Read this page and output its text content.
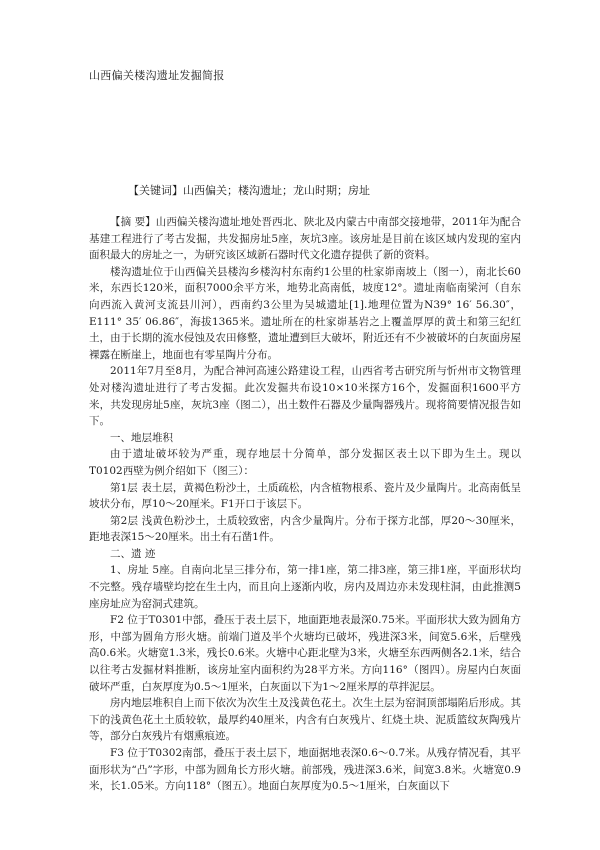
山西偏关楼沟遗址发掘简报
【关键词】山西偏关；楼沟遗址；龙山时期；房址

【摘 要】山西偏关楼沟遗址地处晋西北、陕北及内蒙古中南部交接地带，2011年为配合基建工程进行了考古发掘，共发掘房址5座，灰坑3座。该房址是目前在该区域内发现的室内面积最大的房址之一，为研究该区域新石器时代文化遗存提供了新的资料。

楼沟遗址位于山西偏关县楼沟乡楼沟村东南约1公里的杜家峁南坡上（图一），南北长60米，东西长120米，面积7000余平方米，地势北高南低，坡度12°。遗址南临南梁河（自东向西流入黄河支流县川河），西南约3公里为吴城遗址[1].地理位置为N39° 16′ 56.30″，E111° 35′ 06.86″，海拔1365米。遗址所在的杜家峁基岩之上覆盖厚厚的黄土和第三纪红土，由于长期的流水侵蚀及农田修整，遗址遭到巨大破坏，附近还有不少被破坏的白灰面房屋裸露在断崖上，地面也有零星陶片分布。

2011年7月至8月，为配合神河高速公路建设工程，山西省考古研究所与忻州市文物管理处对楼沟遗址进行了考古发掘。此次发掘共布设10×10米探方16个，发掘面积1600平方米，共发现房址5座，灰坑3座（图二），出土数件石器及少量陶器残片。现将简要情况报告如下。

一、地层堆积

由于遗址破坏较为严重，现存地层十分简单，部分发掘区表土以下即为生土。现以T0102西壁为例介绍如下（图三）：

第1层 表土层，黄褐色粉沙土，土质疏松，内含植物根系、瓷片及少量陶片。北高南低呈坡状分布，厚10～20厘米。F1开口于该层下。

第2层 浅黄色粉沙土，土质较致密，内含少量陶片。分布于探方北部，厚20～30厘米，距地表深15～20厘米。出土有石凿1件。

二、遗 迹

1、房址 5座。自南向北呈三排分布，第一排1座，第二排3座，第三排1座，平面形状均不完整。残存墙壁均挖在生土内，而且向上逐渐内收，房内及周边亦未发现柱洞，由此推测5座房址应为窑洞式建筑。

F2 位于T0301中部，叠压于表土层下，地面距地表最深0.75米。平面形状大致为圆角方形，中部为圆角方形火塘。前端门道及半个火塘均已破坏，残进深3米，间宽5.6米，后壁残高0.6米。火塘宽1.3米，残长0.6米。火塘中心距北壁为3米，火塘至东西两侧各2.1米，结合以往考古发掘材料推断，该房址室内面积约为28平方米。方向116°（图四）。房屋内白灰面破坏严重，白灰厚度为0.5～1厘米，白灰面以下为1～2厘米厚的草拌泥层。

房内地层堆积自上而下依次为次生土及浅黄色花土。次生土层为窑洞顶部塌陷后形成。其下的浅黄色花土土质较软，最厚约40厘米，内含有白灰残片、红烧土块、泥质篮纹灰陶残片等，部分白灰残片有烟熏痕迹。

F3 位于T0302南部，叠压于表土层下，地面据地表深0.6～0.7米。从残存情况看，其平面形状为“凸”字形，中部为圆角长方形火塘。前部残，残进深3.6米，间宽3.8米。火塘宽0.9米，长1.05米。方向118°（图五）。地面白灰厚度为0.5～1厘米，白灰面以下
